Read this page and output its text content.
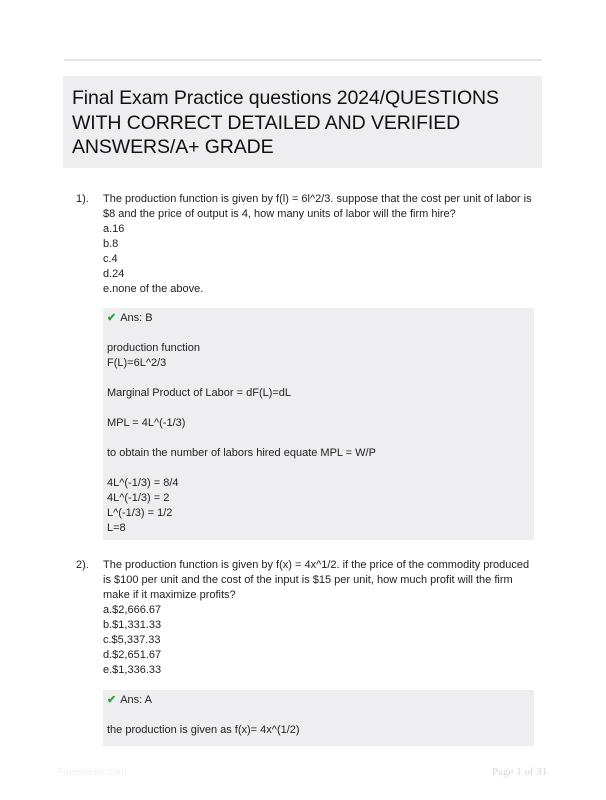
Final Exam Practice questions 2024/QUESTIONS WITH CORRECT DETAILED AND VERIFIED ANSWERS/A+ GRADE
1). The production function is given by f(l) = 6l^2/3. suppose that the cost per unit of labor is $8 and the price of output is 4, how many units of labor will the firm hire?

a.16

b.8

c.4

d.24

e.none of the above.

✔ Ans: B

production function

F(L)=6L^2/3

Marginal Product of Labor = dF(L)=dL

MPL = 4L^(-1/3)

to obtain the number of labors hired equate MPL = W/P

4L^(-1/3) = 8/4

4L^(-1/3) = 2

L^(-1/3) = 1/2

L=8

2). The production function is given by f(x) = 4x^1/2. if the price of the commodity produced is $100 per unit and the cost of the input is $15 per unit, how much profit will the firm make if it maximize profits?

a.$2,666.67

b.$1,331.33

c.$5,337.33

d.$2,651.67

e.$1,336.33

✔ Ans: A

the production is given as f(x)= 4x^(1/2)

Papersbite.com	Page 1 of 31
